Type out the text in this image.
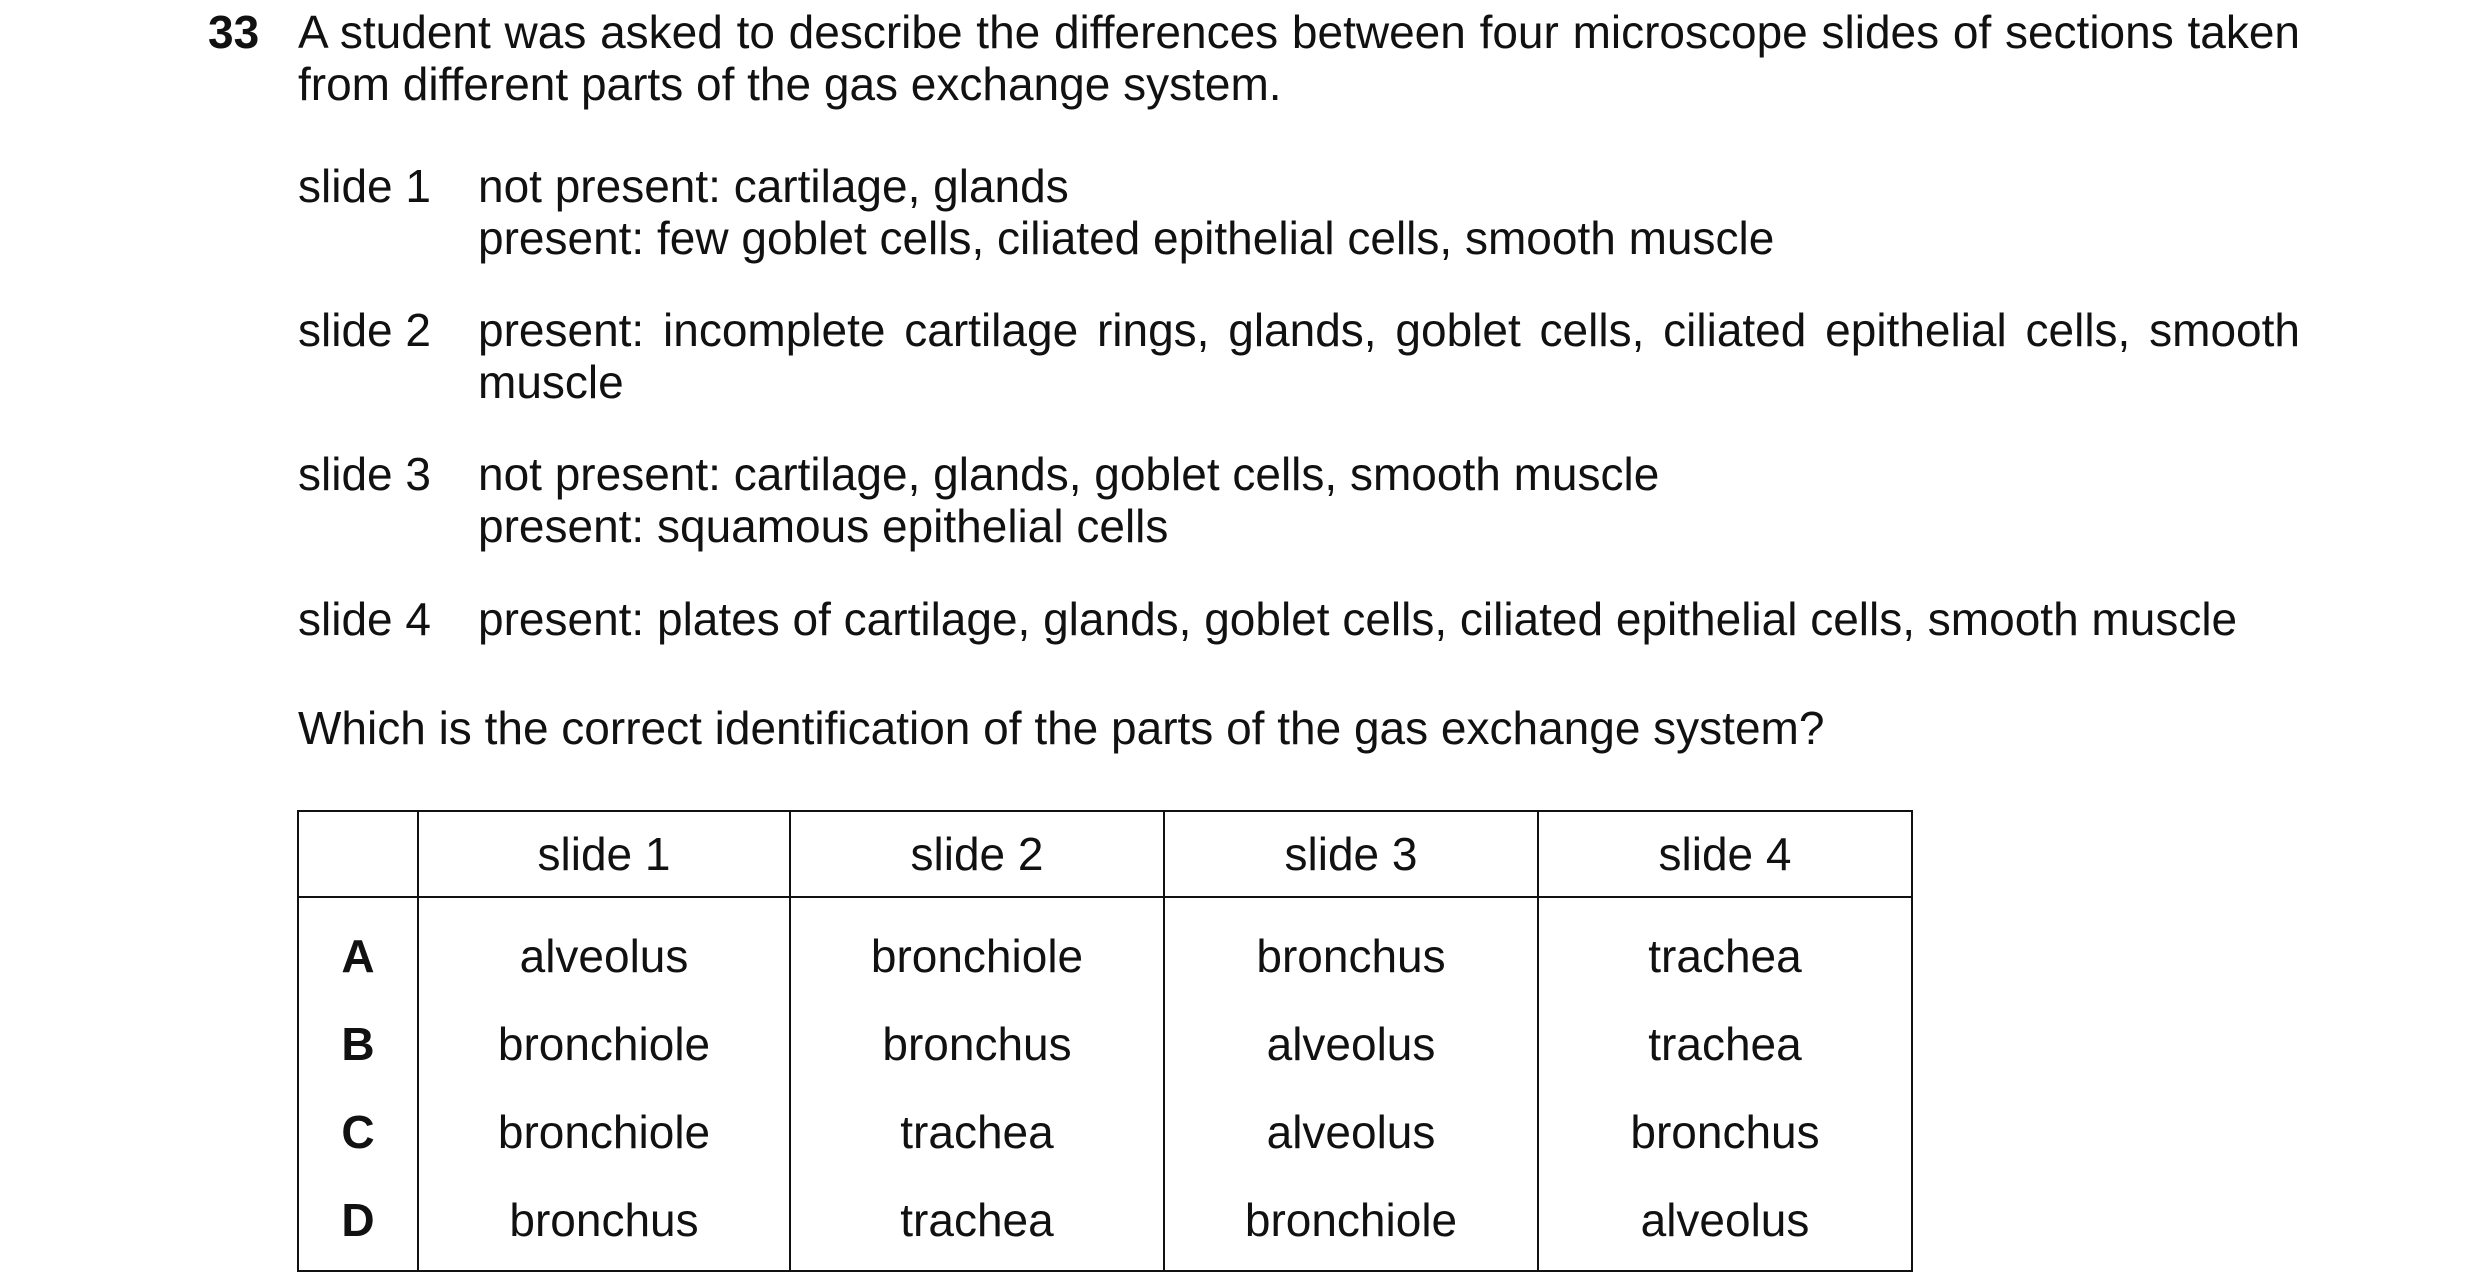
33 A student was asked to describe the differences between four microscope slides of sections taken from different parts of the gas exchange system.
slide 1 not present: cartilage, glands
present: few goblet cells, ciliated epithelial cells, smooth muscle
slide 2 present: incomplete cartilage rings, glands, goblet cells, ciliated epithelial cells, smooth muscle
slide 3 not present: cartilage, glands, goblet cells, smooth muscle
present: squamous epithelial cells
slide 4 present: plates of cartilage, glands, goblet cells, ciliated epithelial cells, smooth muscle
Which is the correct identification of the parts of the gas exchange system?
	slide 1	slide 2	slide 3	slide 4
A	alveolus	bronchiole	bronchus	trachea
B	bronchiole	bronchus	alveolus	trachea
C	bronchiole	trachea	alveolus	bronchus
D	bronchus	trachea	bronchiole	alveolus
